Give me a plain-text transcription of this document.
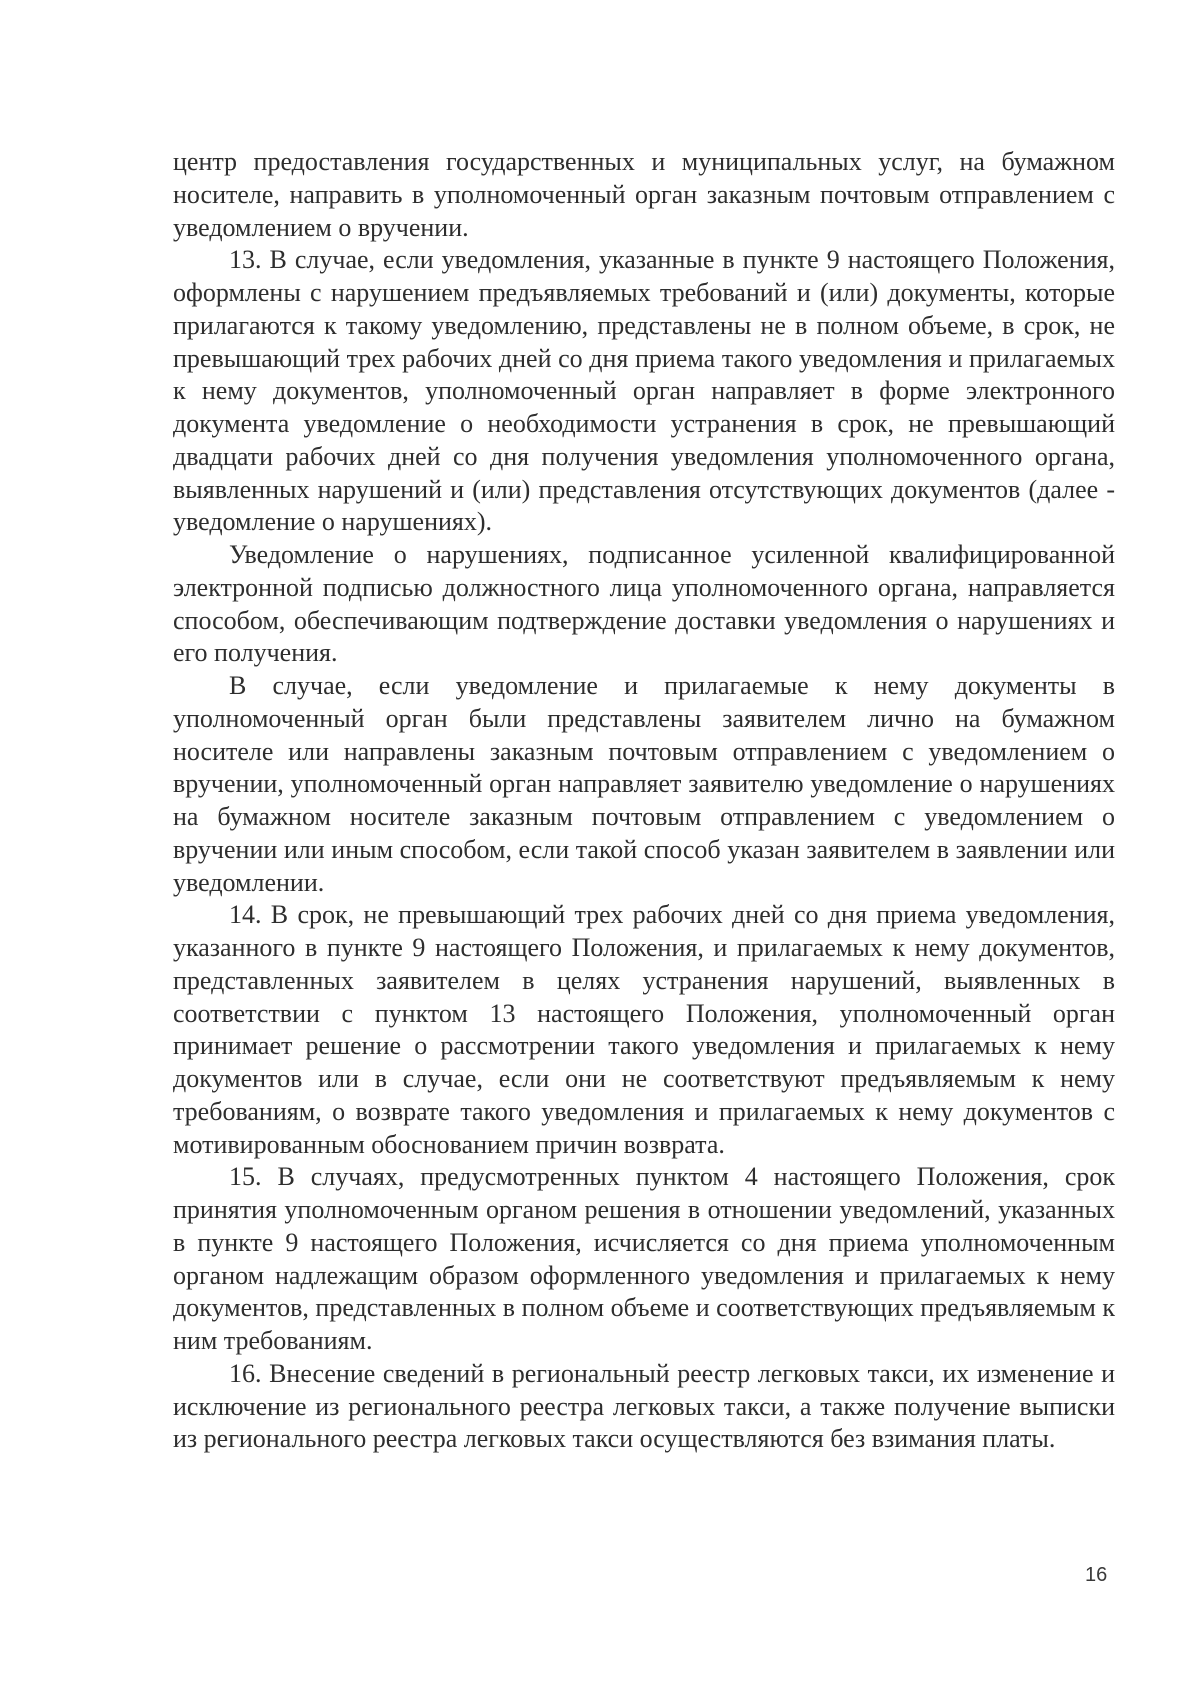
центр предоставления государственных и муниципальных услуг, на бумажном носителе, направить в уполномоченный орган заказным почтовым отправлением с уведомлением о вручении.

13. В случае, если уведомления, указанные в пункте 9 настоящего Положения, оформлены с нарушением предъявляемых требований и (или) документы, которые прилагаются к такому уведомлению, представлены не в полном объеме, в срок, не превышающий трех рабочих дней со дня приема такого уведомления и прилагаемых к нему документов, уполномоченный орган направляет в форме электронного документа уведомление о необходимости устранения в срок, не превышающий двадцати рабочих дней со дня получения уведомления уполномоченного органа, выявленных нарушений и (или) представления отсутствующих документов (далее - уведомление о нарушениях).

Уведомление о нарушениях, подписанное усиленной квалифицированной электронной подписью должностного лица уполномоченного органа, направляется способом, обеспечивающим подтверждение доставки уведомления о нарушениях и его получения.

В случае, если уведомление и прилагаемые к нему документы в уполномоченный орган были представлены заявителем лично на бумажном носителе или направлены заказным почтовым отправлением с уведомлением о вручении, уполномоченный орган направляет заявителю уведомление о нарушениях на бумажном носителе заказным почтовым отправлением с уведомлением о вручении или иным способом, если такой способ указан заявителем в заявлении или уведомлении.

14. В срок, не превышающий трех рабочих дней со дня приема уведомления, указанного в пункте 9 настоящего Положения, и прилагаемых к нему документов, представленных заявителем в целях устранения нарушений, выявленных в соответствии с пунктом 13 настоящего Положения, уполномоченный орган принимает решение о рассмотрении такого уведомления и прилагаемых к нему документов или в случае, если они не соответствуют предъявляемым к нему требованиям, о возврате такого уведомления и прилагаемых к нему документов с мотивированным обоснованием причин возврата.

15. В случаях, предусмотренных пунктом 4 настоящего Положения, срок принятия уполномоченным органом решения в отношении уведомлений, указанных в пункте 9 настоящего Положения, исчисляется со дня приема уполномоченным органом надлежащим образом оформленного уведомления и прилагаемых к нему документов, представленных в полном объеме и соответствующих предъявляемым к ним требованиям.

16. Внесение сведений в региональный реестр легковых такси, их изменение и исключение из регионального реестра легковых такси, а также получение выписки из регионального реестра легковых такси осуществляются без взимания платы.

16
